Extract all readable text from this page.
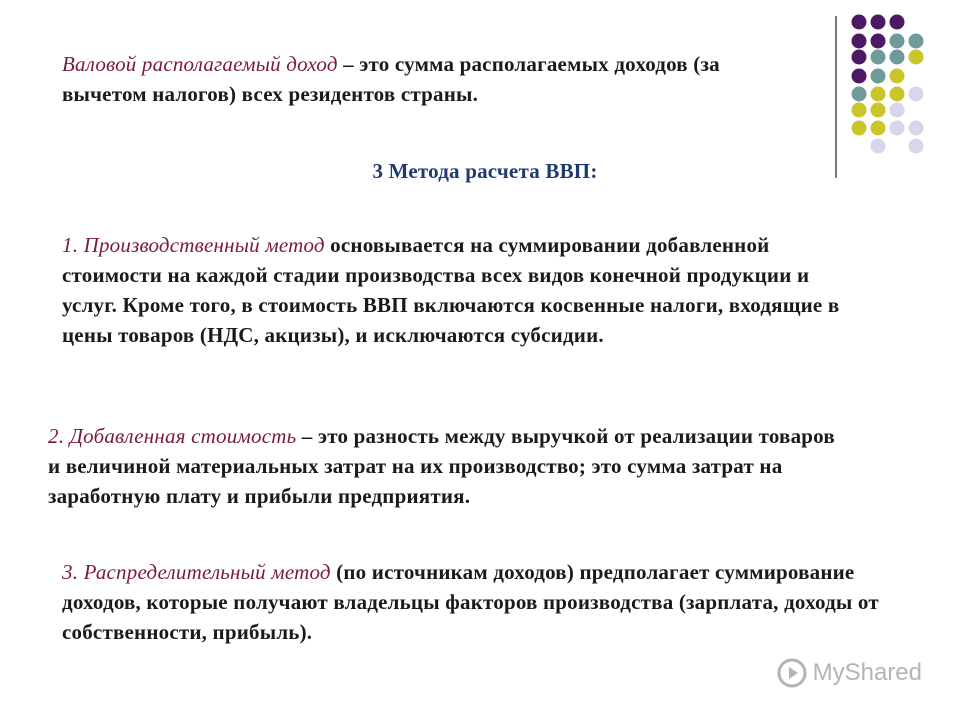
Валовой располагаемый доход – это сумма располагаемых доходов (за вычетом налогов) всех резидентов страны.
3 Метода расчета ВВП:
1. Производственный метод основывается на суммировании добавленной стоимости на каждой стадии производства всех видов конечной продукции и услуг. Кроме того, в стоимость ВВП включаются косвенные налоги, входящие в цены товаров (НДС, акцизы), и исключаются субсидии.
2. Добавленная стоимость – это разность между выручкой от реализации товаров и величиной материальных затрат на их производство; это сумма затрат на заработную плату и прибыли предприятия.
3. Распределительный метод (по источникам доходов) предполагает суммирование доходов, которые получают владельцы факторов производства (зарплата, доходы от собственности, прибыль).
MyShared
